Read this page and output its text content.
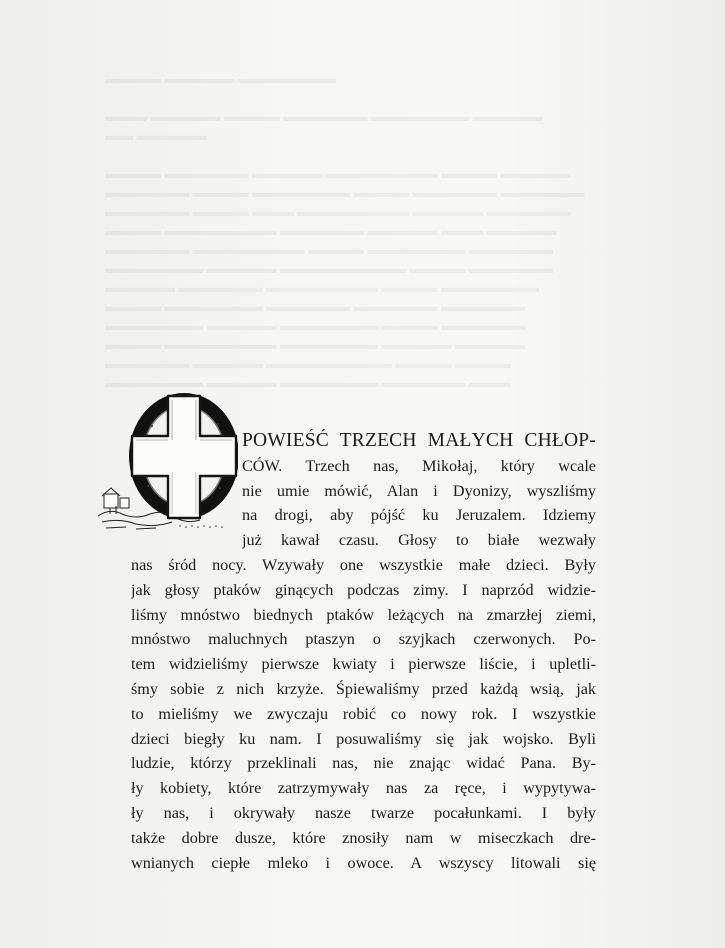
POWIEŚĆ TRZECH MAŁYCH CHŁOP-
CÓW. Trzech nas, Mikołaj, który wcale
nie umie mówić, Alan i Dyonizy, wyszliśmy
na drogi, aby pójść ku Jeruzalem. Idziemy
już kawał czasu. Głosy to białe wezwały
nas śród nocy. Wzywały one wszystkie małe dzieci. Były
jak głosy ptaków ginących podczas zimy. I naprzód widzie-
liśmy mnóstwo biednych ptaków leżących na zmarzłej ziemi,
mnóstwo maluchnych ptaszyn o szyjkach czerwonych. Po-
tem widzieliśmy pierwsze kwiaty i pierwsze liście, i upletli-
śmy sobie z nich krzyże. Śpiewaliśmy przed każdą wsią, jak
to mieliśmy we zwyczaju robić co nowy rok. I wszystkie
dzieci biegły ku nam. I posuwaliśmy się jak wojsko. Byli
ludzie, którzy przeklinali nas, nie znając widać Pana. By-
ły kobiety, które zatrzymywały nas za ręce, i wypytywa-
ły nas, i okrywały nasze twarze pocałunkami. I były
także dobre dusze, które znosiły nam w miseczkach dre-
wnianych ciepłe mleko i owoce. A wszyscy litowali się
